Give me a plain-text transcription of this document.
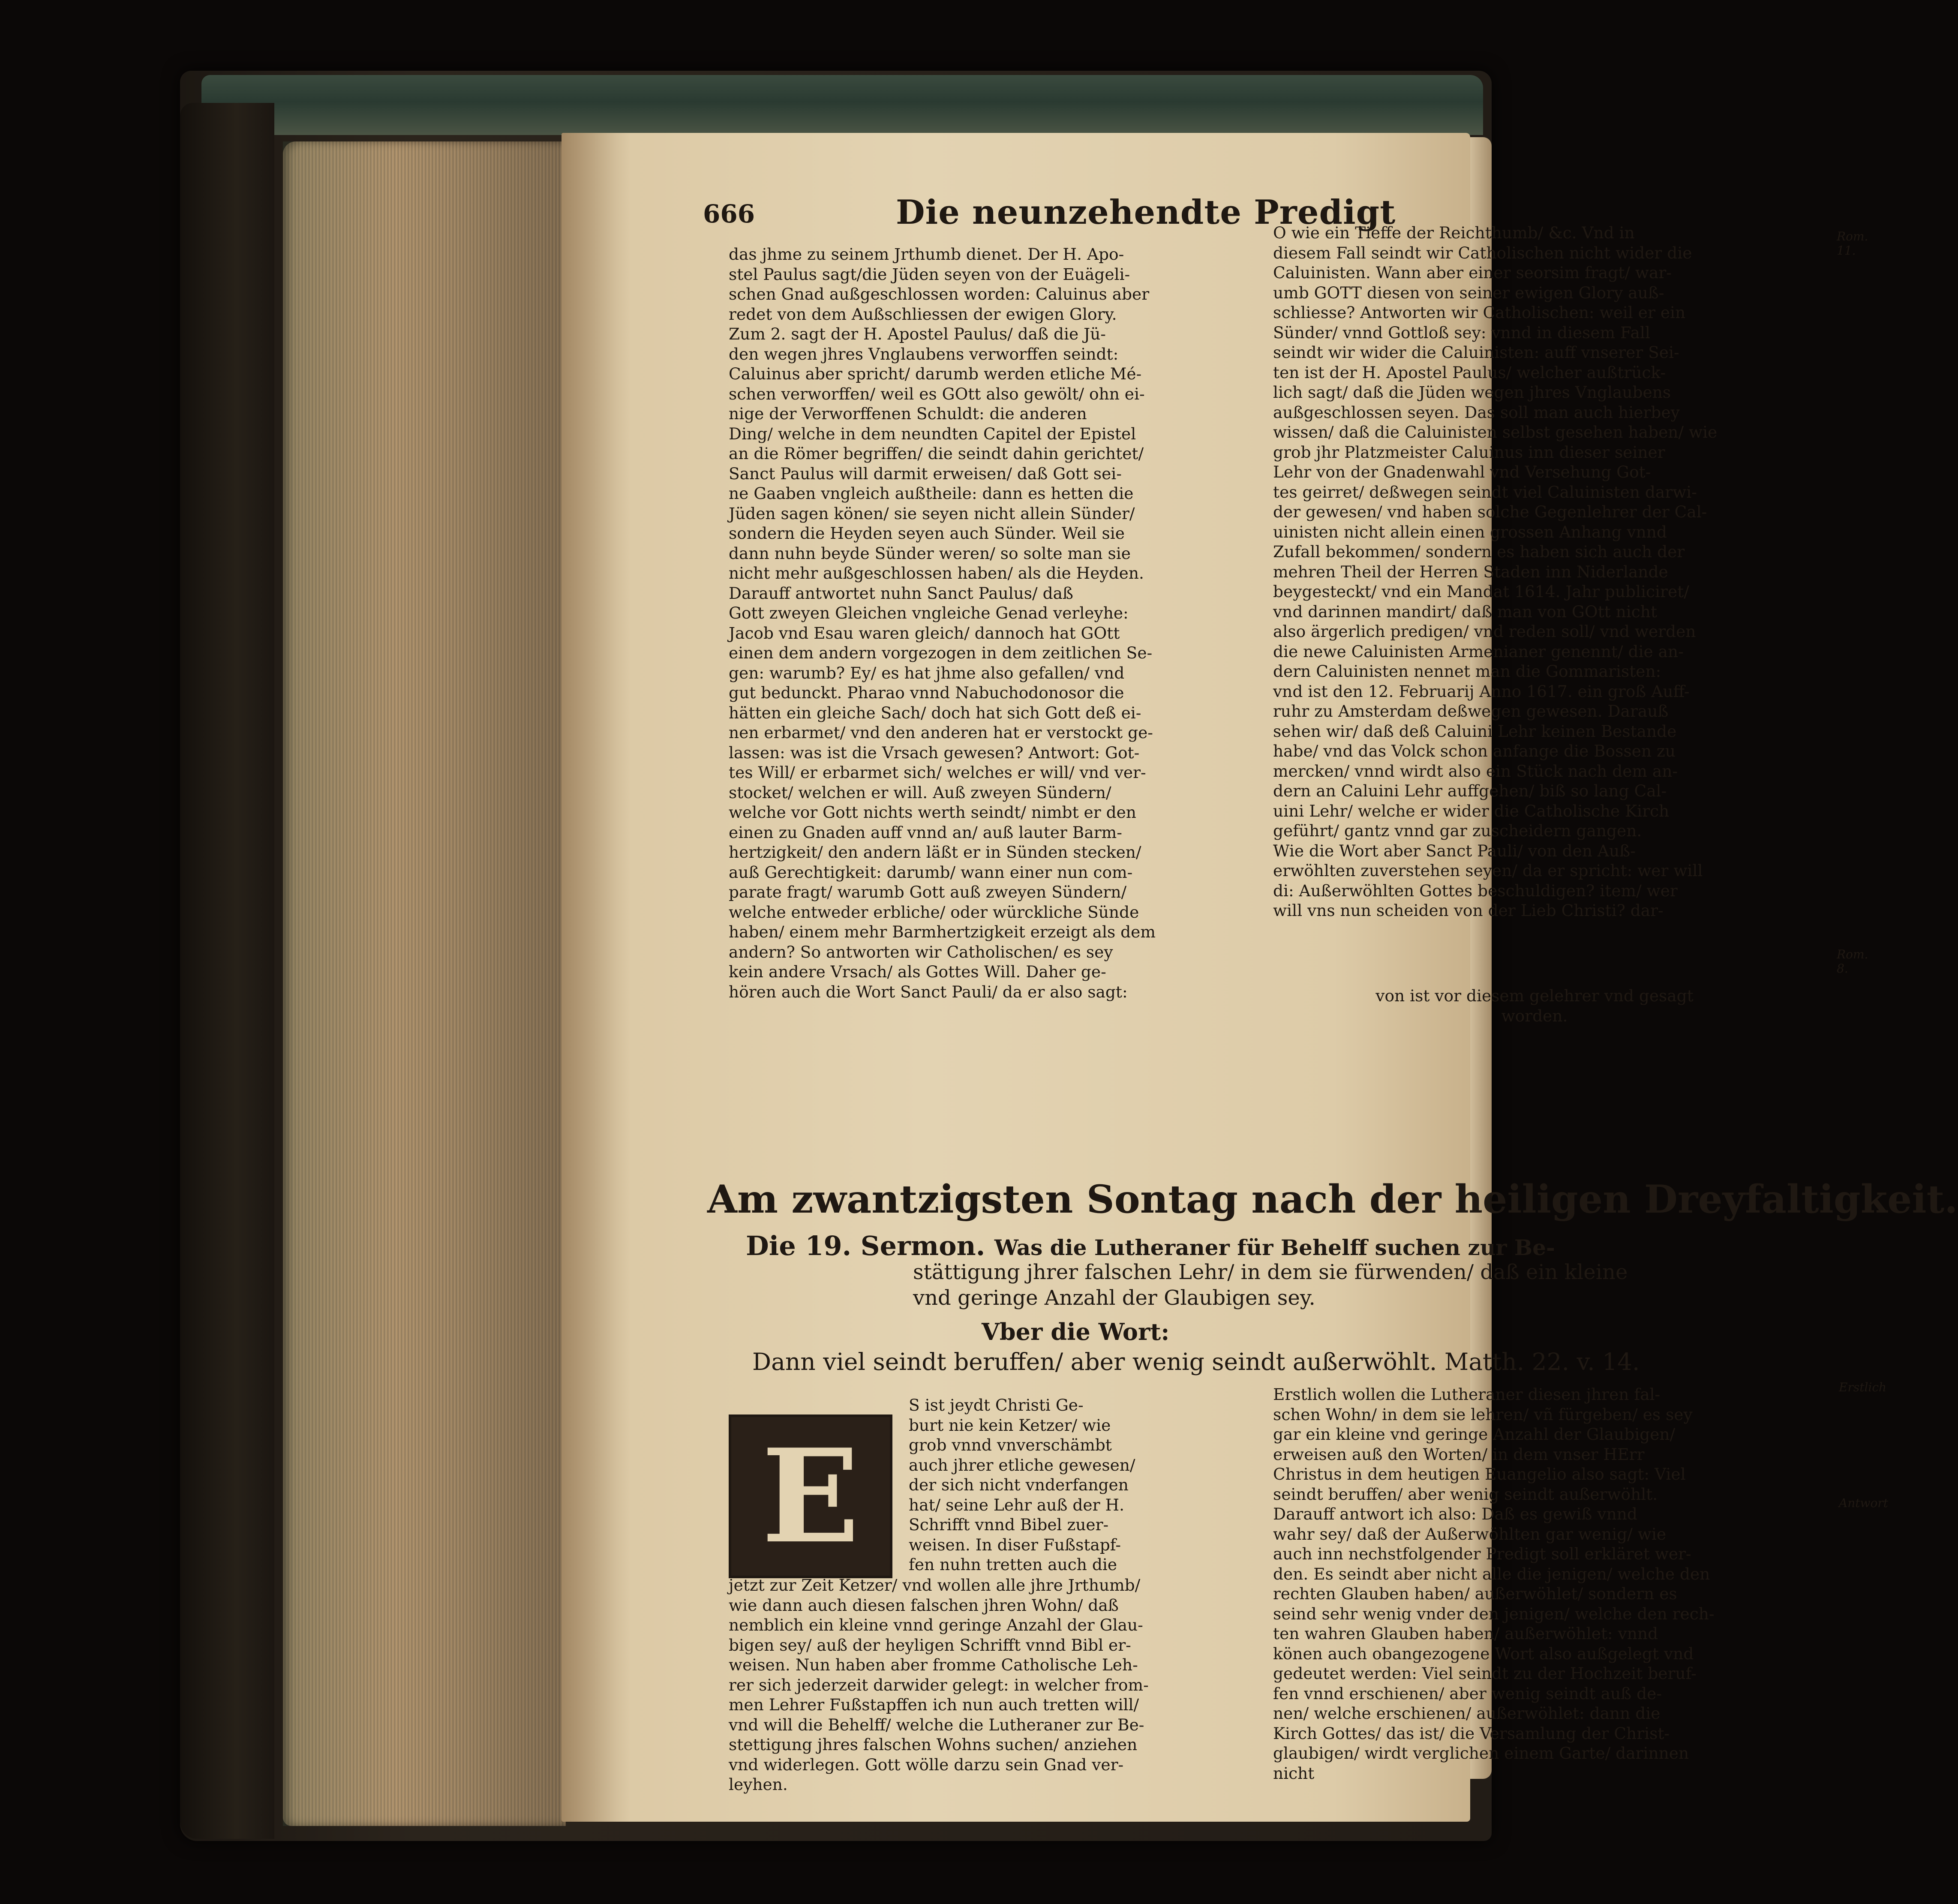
666	Die neunzehendte Predigt
das jhme zu seinem Jrthumb dienet. Der H. Apo-
stel Paulus sagt/die Jüden seyen von der Euägeli-
schen Gnad außgeschlossen worden: Caluinus aber
redet von dem Außschliessen der ewigen Glory.
Zum 2. sagt der H. Apostel Paulus/ daß die Jü-
den wegen jhres Vnglaubens verworffen seindt:
Caluinus aber spricht/ darumb werden etliche Mé-
schen verworffen/ weil es GOtt also gewölt/ ohn ei-
nige der Verworffenen Schuldt: die anderen
Ding/ welche in dem neundten Capitel der Epistel
an die Römer begriffen/ die seindt dahin gerichtet/
Sanct Paulus will darmit erweisen/ daß Gott sei-
ne Gaaben vngleich außtheile: dann es hetten die
Jüden sagen könen/ sie seyen nicht allein Sünder/
sondern die Heyden seyen auch Sünder. Weil sie
dann nuhn beyde Sünder weren/ so solte man sie
nicht mehr außgeschlossen haben/ als die Heyden.
Darauff antwortet nuhn Sanct Paulus/ daß
Gott zweyen Gleichen vngleiche Genad verleyhe:
Jacob vnd Esau waren gleich/ dannoch hat GOtt
einen dem andern vorgezogen in dem zeitlichen Se-
gen: warumb? Ey/ es hat jhme also gefallen/ vnd
gut bedunckt. Pharao vnnd Nabuchodonosor die
hätten ein gleiche Sach/ doch hat sich Gott deß ei-
nen erbarmet/ vnd den anderen hat er verstockt ge-
lassen: was ist die Vrsach gewesen? Antwort: Got-
tes Will/ er erbarmet sich/ welches er will/ vnd ver-
stocket/ welchen er will. Auß zweyen Sündern/
welche vor Gott nichts werth seindt/ nimbt er den
einen zu Gnaden auff vnnd an/ auß lauter Barm-
hertzigkeit/ den andern läßt er in Sünden stecken/
auß Gerechtigkeit: darumb/ wann einer nun com-
parate fragt/ warumb Gott auß zweyen Sündern/
welche entweder erbliche/ oder würckliche Sünde
haben/ einem mehr Barmhertzigkeit erzeigt als dem
andern? So antworten wir Catholischen/ es sey
kein andere Vrsach/ als Gottes Will. Daher ge-
hören auch die Wort Sanct Pauli/ da er also sagt:
O wie ein Tieffe der Reichthumb/ &c. Vnd in
diesem Fall seindt wir Catholischen nicht wider die
Caluinisten. Wann aber einer seorsim fragt/ war-
umb GOTT diesen von seiner ewigen Glory auß-
schliesse? Antworten wir Catholischen: weil er ein
Sünder/ vnnd Gottloß sey: vnnd in diesem Fall
seindt wir wider die Caluinisten: auff vnserer Sei-
ten ist der H. Apostel Paulus/ welcher außtrück-
lich sagt/ daß die Jüden wegen jhres Vnglaubens
außgeschlossen seyen. Das soll man auch hierbey
wissen/ daß die Caluinisten selbst gesehen haben/ wie
grob jhr Platzmeister Caluinus inn dieser seiner
Lehr von der Gnadenwahl vnd Versehung Got-
tes geirret/ deßwegen seindt viel Caluinisten darwi-
der gewesen/ vnd haben solche Gegenlehrer der Cal-
uinisten nicht allein einen grossen Anhang vnnd
Zufall bekommen/ sondern es haben sich auch der
mehren Theil der Herren Staden inn Niderlande
beygesteckt/ vnd ein Mandat 1614. Jahr publiciret/
vnd darinnen mandirt/ daß man von GOtt nicht
also ärgerlich predigen/ vnd reden soll/ vnd werden
die newe Caluinisten Armenianer genennt/ die an-
dern Caluinisten nennet man die Gommaristen:
vnd ist den 12. Februarij Anno 1617. ein groß Auff-
ruhr zu Amsterdam deßwegen gewesen. Darauß
sehen wir/ daß deß Caluini Lehr keinen Bestande
habe/ vnd das Volck schon anfange die Bossen zu
mercken/ vnnd wirdt also ein Stück nach dem an-
dern an Caluini Lehr auffgehen/ biß so lang Cal-
uini Lehr/ welche er wider die Catholische Kirch
geführt/ gantz vnnd gar zuscheidern gangen.
Wie die Wort aber Sanct Pauli/ von den Auß-
erwöhlten zuverstehen seyen/ da er spricht: wer will
di: Außerwöhlten Gottes beschuldigen? item/ wer
will vns nun scheiden von der Lieb Christi? dar-
von ist vor diesem gelehrer vnd gesagt
worden.
Rom. 11.
Rom. 8.
Erstlich
Antwort
Am zwantzigsten Sontag nach der heiligen Dreyfaltigkeit.
Die 19. Sermon. Was die Lutheraner für Behelff suchen zur Be-
stättigung jhrer falschen Lehr/ in dem sie fürwenden/ daß ein kleine
vnd geringe Anzahl der Glaubigen sey.
Vber die Wort:
Dann viel seindt beruffen/ aber wenig seindt außerwöhlt. Matth. 22. v. 14.
E
S ist jeydt Christi Ge-
burt nie kein Ketzer/ wie
grob vnnd vnverschämbt
auch jhrer etliche gewesen/
der sich nicht vnderfangen
hat/ seine Lehr auß der H.
Schrifft vnnd Bibel zuer-
weisen. In diser Fußstapf-
fen nuhn tretten auch die
jetzt zur Zeit Ketzer/ vnd wollen alle jhre Jrthumb/
wie dann auch diesen falschen jhren Wohn/ daß
nemblich ein kleine vnnd geringe Anzahl der Glau-
bigen sey/ auß der heyligen Schrifft vnnd Bibl er-
weisen. Nun haben aber fromme Catholische Leh-
rer sich jederzeit darwider gelegt: in welcher from-
men Lehrer Fußstapffen ich nun auch tretten will/
vnd will die Behelff/ welche die Lutheraner zur Be-
stettigung jhres falschen Wohns suchen/ anziehen
vnd widerlegen. Gott wölle darzu sein Gnad ver-
leyhen.
Erstlich wollen die Lutheraner diesen jhren fal-
schen Wohn/ in dem sie lehren/ vñ fürgeben/ es sey
gar ein kleine vnd geringe Anzahl der Glaubigen/
erweisen auß den Worten/ in dem vnser HErr
Christus in dem heutigen Euangelio also sagt: Viel
seindt beruffen/ aber wenig seindt außerwöhlt.
Darauff antwort ich also: Daß es gewiß vnnd
wahr sey/ daß der Außerwöhlten gar wenig/ wie
auch inn nechstfolgender Predigt soll erkläret wer-
den. Es seindt aber nicht alle die jenigen/ welche den
rechten Glauben haben/ außerwöhlet/ sondern es
seind sehr wenig vnder den jenigen/ welche den rech-
ten wahren Glauben haben/ außerwöhlet: vnnd
könen auch obangezogene Wort also außgelegt vnd
gedeutet werden: Viel seindt zu der Hochzeit beruf-
fen vnnd erschienen/ aber wenig seindt auß de-
nen/ welche erschienen/ außerwöhlet: dann die
Kirch Gottes/ das ist/ die Versamlung der Christ-
glaubigen/ wirdt verglichen einem Garte/ darinnen
nicht
